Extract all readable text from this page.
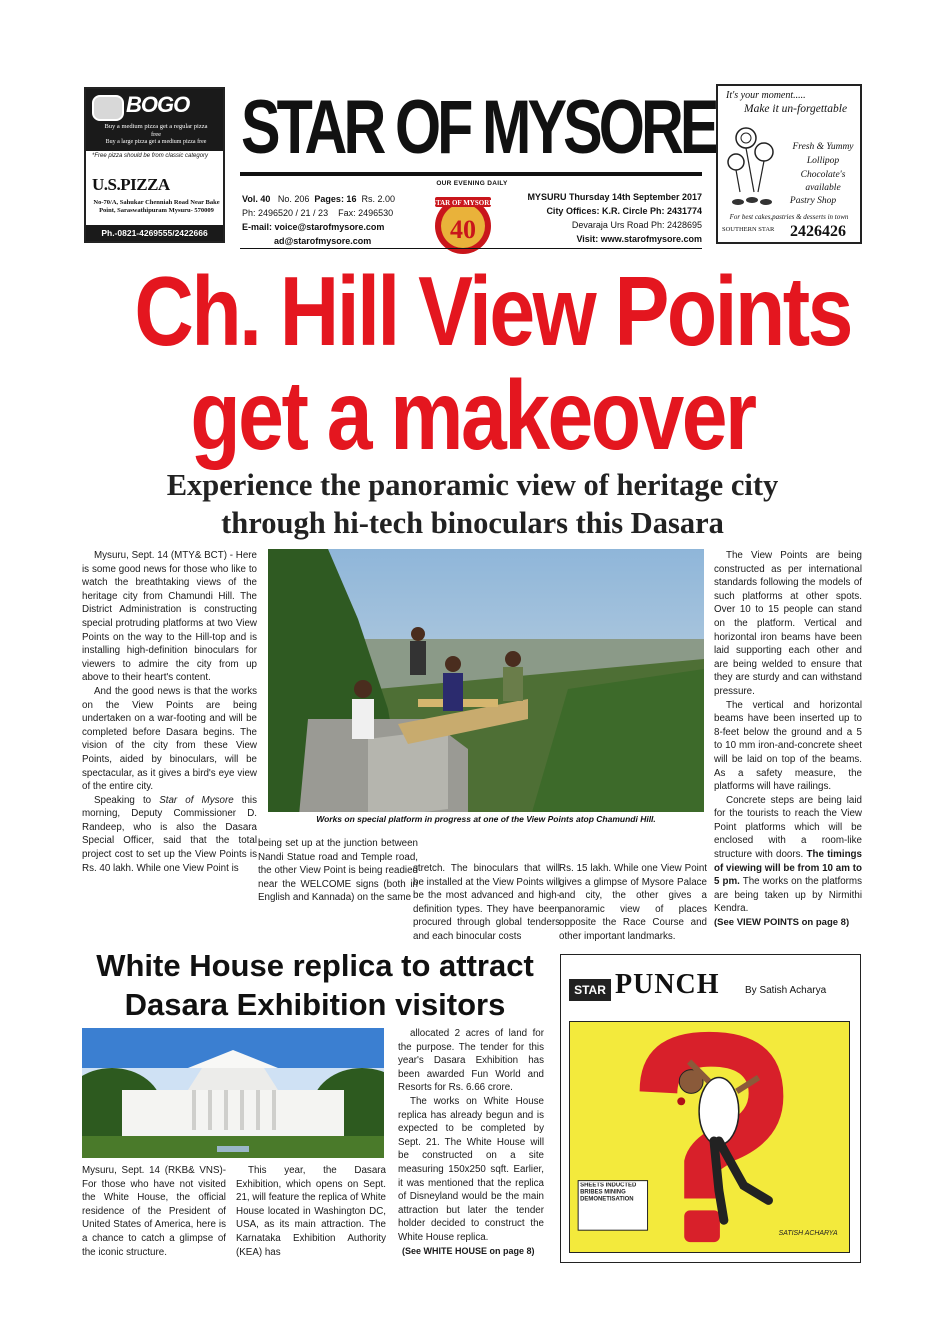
BOGO
Buy a medium pizza get a regular pizza free
Buy a large pizza get a medium pizza free
*Free pizza should be from classic category
U.S.PIZZA
No-70/A, Sahukar Chenniah Road Near Bake Point, Saraswathipuram Mysuru- 570009
Ph.-0821-4269555/2422666
STAR OF MYSORE
OUR EVENING DAILY
Vol. 40 No. 206 Pages: 16 Rs. 2.00
Ph: 2496520 / 21 / 23 Fax: 2496530
E-mail: voice@starofmysore.com
ad@starofmysore.com
STAR OF MYSORE
40
MYSURU Thursday 14th September 2017
City Offices: K.R. Circle Ph: 2431774
Devaraja Urs Road Ph: 2428695
Visit: www.starofmysore.com
It's your moment.....
Make it un-forgettable
Fresh & Yummy
Lollipop
Chocolate's
available
Pastry Shop
For best cakes,pastries & desserts in town
SOUTHERN STAR 2426426
Ch. Hill View Points
get a makeover
Experience the panoramic view of heritage city
through hi-tech binoculars this Dasara

Mysuru, Sept. 14 (MTY& BCT) - Here is some good news for those who like to watch the breathtaking views of the heritage city from Chamundi Hill. The District Administration is constructing special protruding platforms at two View Points on the way to the Hill-top and is installing high-definition binoculars for viewers to admire the city from up above to their heart's content.

And the good news is that the works on the View Points are being undertaken on a war-footing and will be completed before Dasara begins. The vision of the city from these View Points, aided by binoculars, will be spectacular, as it gives a bird's eye view of the entire city.

Speaking to Star of Mysore this morning, Deputy Commissioner D. Randeep, who is also the Dasara Special Officer, said that the total project cost to set up the View Points is Rs. 40 lakh. While one View Point is

Works on special platform in progress at one of the View Points atop Chamundi Hill.
being set up at the junction between Nandi Statue road and Temple road, the other View Point is being readied near the WELCOME signs (both in English and Kannada) on the same
stretch. The binoculars that will be installed at the View Points will be the most advanced and high-definition types. They have been procured through global tenders and each binocular costs
Rs. 15 lakh. While one View Point gives a glimpse of Mysore Palace and city, the other gives a panoramic view of places opposite the Race Course and other important landmarks.

The View Points are being constructed as per international standards following the models of such platforms at other spots. Over 10 to 15 people can stand on the platform. Vertical and horizontal iron beams have been laid supporting each other and are being welded to ensure that they are sturdy and can withstand pressure.

The vertical and horizontal beams have been inserted up to 8-feet below the ground and a 5 to 10 mm iron-and-concrete sheet will be laid on top of the beams. As a safety measure, the platforms will have railings.

Concrete steps are being laid for the tourists to reach the View Point platforms which will be enclosed with a room-like structure with doors. The timings of viewing will be from 10 am to 5 pm. The works on the platforms are being taken up by Nirmithi Kendra.

(See VIEW POINTS on page 8)

White House replica to attract
Dasara Exhibition visitors
Mysuru, Sept. 14 (RKB& VNS)- For those who have not visited the White House, the official residence of the President of United States of America, here is a chance to catch a glimpse of the iconic structure.
This year, the Dasara Exhibition, which opens on Sept. 21, will feature the replica of White House located in Washington DC, USA, as its main attraction. The Karnataka Exhibition Authority (KEA) has

allocated 2 acres of land for the purpose. The tender for this year's Dasara Exhibition has been awarded Fun World and Resorts for Rs. 6.66 crore.

The works on White House replica has already begun and is expected to be completed by Sept. 21. The White House will be constructed on a site measuring 150x250 sqft. Earlier, it was mentioned that the replica of Disneyland would be the main attraction but later the tender holder decided to construct the White House replica.

(See WHITE HOUSE on page 8)

STAR PUNCH	By Satish Acharya
SHEETS INDUCTED BRIBES MINING DEMONETISATION
SATISH ACHARYA
